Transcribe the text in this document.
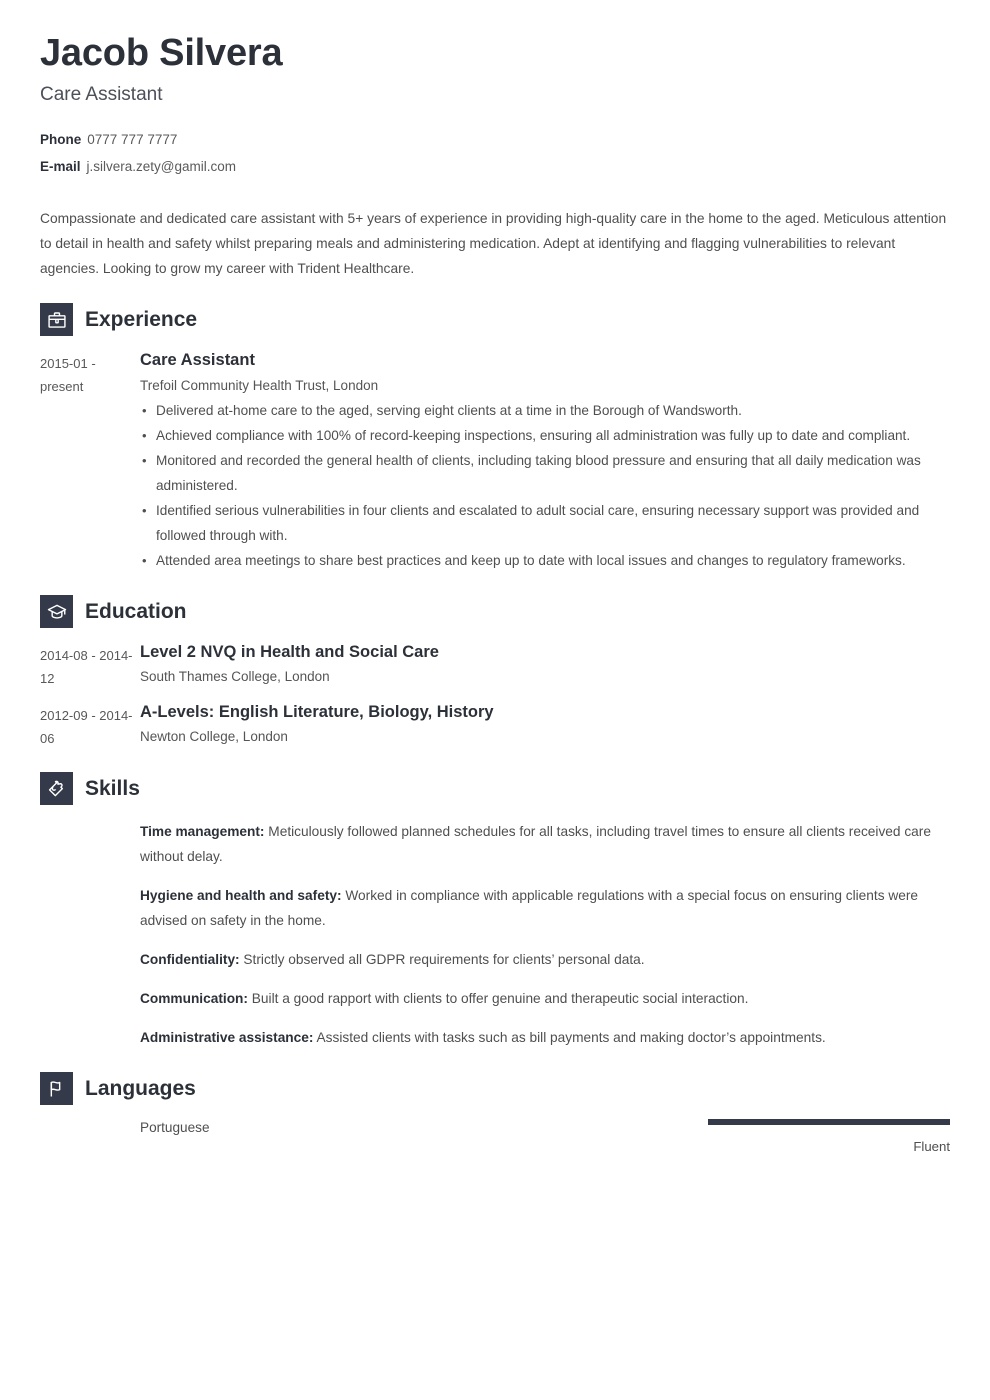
Jacob Silvera
Care Assistant
Phone 0777 777 7777
E-mail j.silvera.zety@gamil.com
Compassionate and dedicated care assistant with 5+ years of experience in providing high-quality care in the home to the aged. Meticulous attention to detail in health and safety whilst preparing meals and administering medication. Adept at identifying and flagging vulnerabilities to relevant agencies. Looking to grow my career with Trident Healthcare.
Experience
2015-01 - present
Care Assistant
Trefoil Community Health Trust, London
• Delivered at-home care to the aged, serving eight clients at a time in the Borough of Wandsworth.
• Achieved compliance with 100% of record-keeping inspections, ensuring all administration was fully up to date and compliant.
• Monitored and recorded the general health of clients, including taking blood pressure and ensuring that all daily medication was administered.
• Identified serious vulnerabilities in four clients and escalated to adult social care, ensuring necessary support was provided and followed through with.
• Attended area meetings to share best practices and keep up to date with local issues and changes to regulatory frameworks.
Education
2014-08 - 2014-12
Level 2 NVQ in Health and Social Care
South Thames College, London
2012-09 - 2014-06
A-Levels: English Literature, Biology, History
Newton College, London
Skills
Time management: Meticulously followed planned schedules for all tasks, including travel times to ensure all clients received care without delay.
Hygiene and health and safety: Worked in compliance with applicable regulations with a special focus on ensuring clients were advised on safety in the home.
Confidentiality: Strictly observed all GDPR requirements for clients’ personal data.
Communication: Built a good rapport with clients to offer genuine and therapeutic social interaction.
Administrative assistance: Assisted clients with tasks such as bill payments and making doctor’s appointments.
Languages
Portuguese
Fluent
